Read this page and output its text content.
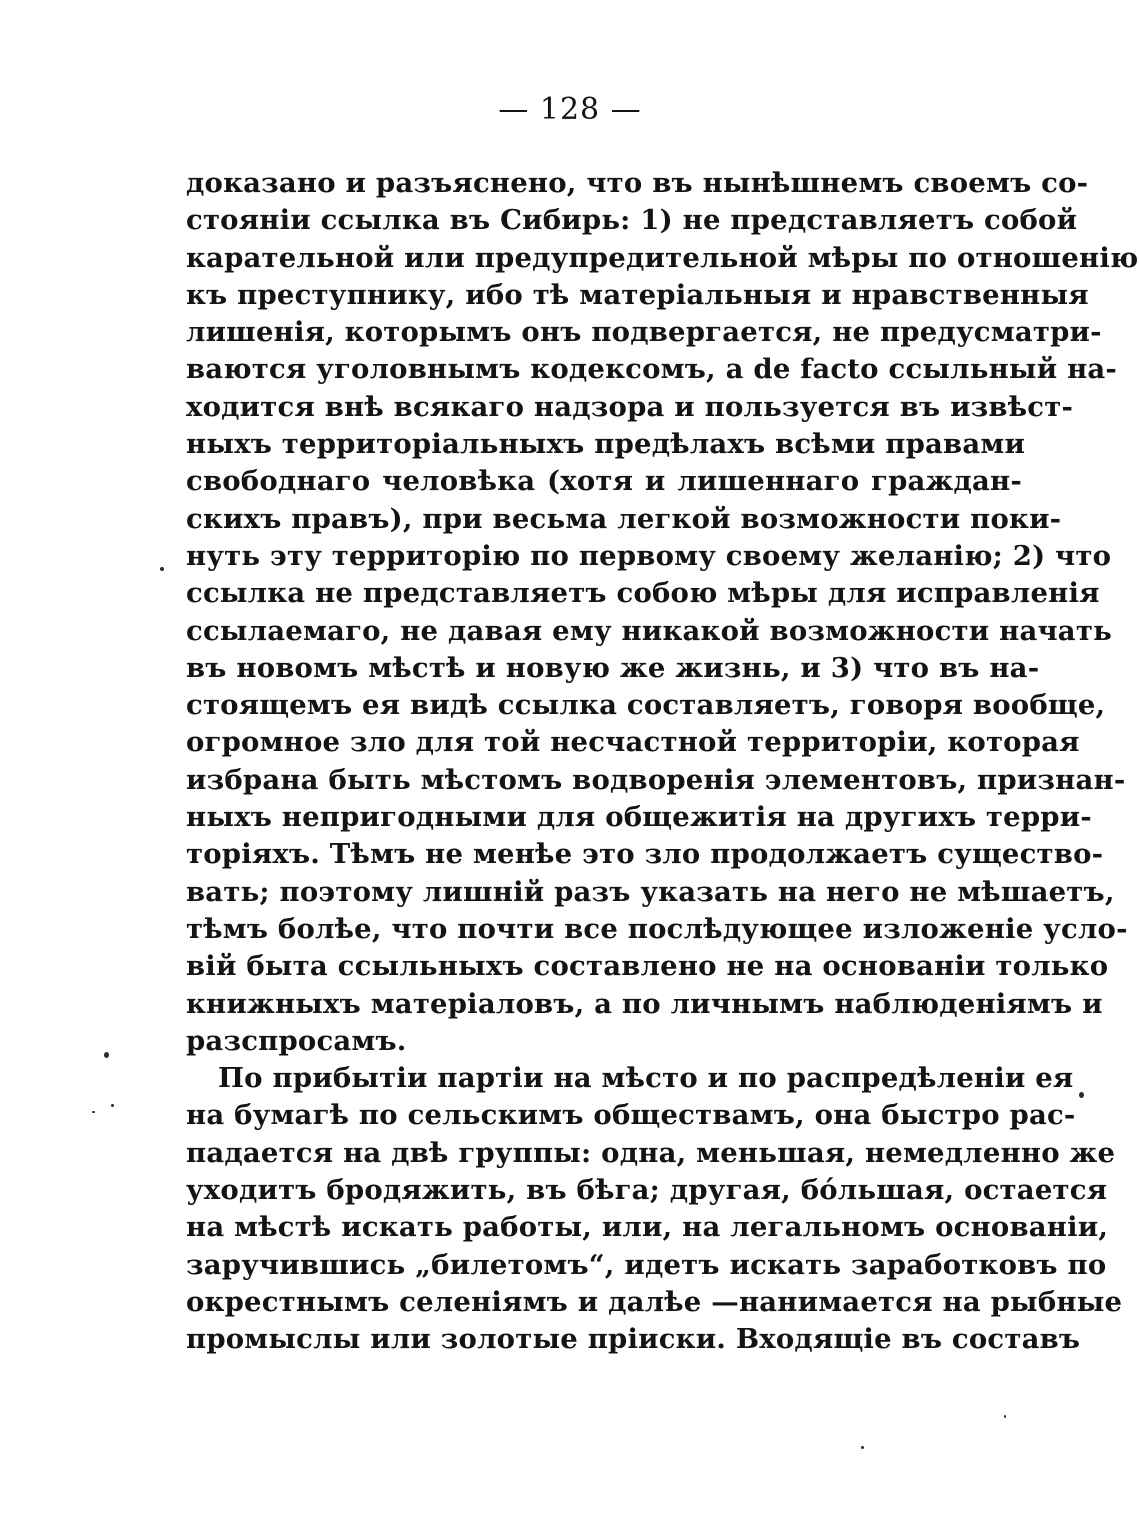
— 128 —
доказано и разъяснено, что въ нынѣшнемъ своемъ со-
стояніи ссылка въ Сибирь: 1) не представляетъ собой
карательной или предупредительной мѣры по отношенію
къ преступнику, ибо тѣ матеріальныя и нравственныя
лишенія, которымъ онъ подвергается, не предусматри-
ваются уголовнымъ кодексомъ, а de facto ссыльный на-
ходится внѣ всякаго надзора и пользуется въ извѣст-
ныхъ территоріальныхъ предѣлахъ всѣми правами
свободнаго человѣка (хотя и лишеннаго граждан-
скихъ правъ), при весьма легкой возможности поки-
нуть эту территорію по первому своему желанію; 2) что
ссылка не представляетъ собою мѣры для исправленія
ссылаемаго, не давая ему никакой возможности начать
въ новомъ мѣстѣ и новую же жизнь, и 3) что въ на-
стоящемъ ея видѣ ссылка составляетъ, говоря вообще,
огромное зло для той несчастной территоріи, которая
избрана быть мѣстомъ водворенія элементовъ, признан-
ныхъ непригодными для общежитія на другихъ терри-
торіяхъ. Тѣмъ не менѣе это зло продолжаетъ существо-
вать; поэтому лишній разъ указать на него не мѣшаетъ,
тѣмъ болѣе, что почти все послѣдующее изложеніе усло-
вій быта ссыльныхъ составлено не на основаніи только
книжныхъ матеріаловъ, а по личнымъ наблюденіямъ и
разспросамъ.
По прибытіи партіи на мѣсто и по распредѣленіи ея
на бумагѣ по сельскимъ обществамъ, она быстро рас-
падается на двѣ группы: одна, меньшая, немедленно же
уходитъ бродяжить, въ бѣга; другая, бóльшая, остается
на мѣстѣ искать работы, или, на легальномъ основаніи,
заручившись „билетомъ“, идетъ искать заработковъ по
окрестнымъ селеніямъ и далѣе —нанимается на рыбные
промыслы или золотые пріиски. Входящіе въ составъ
